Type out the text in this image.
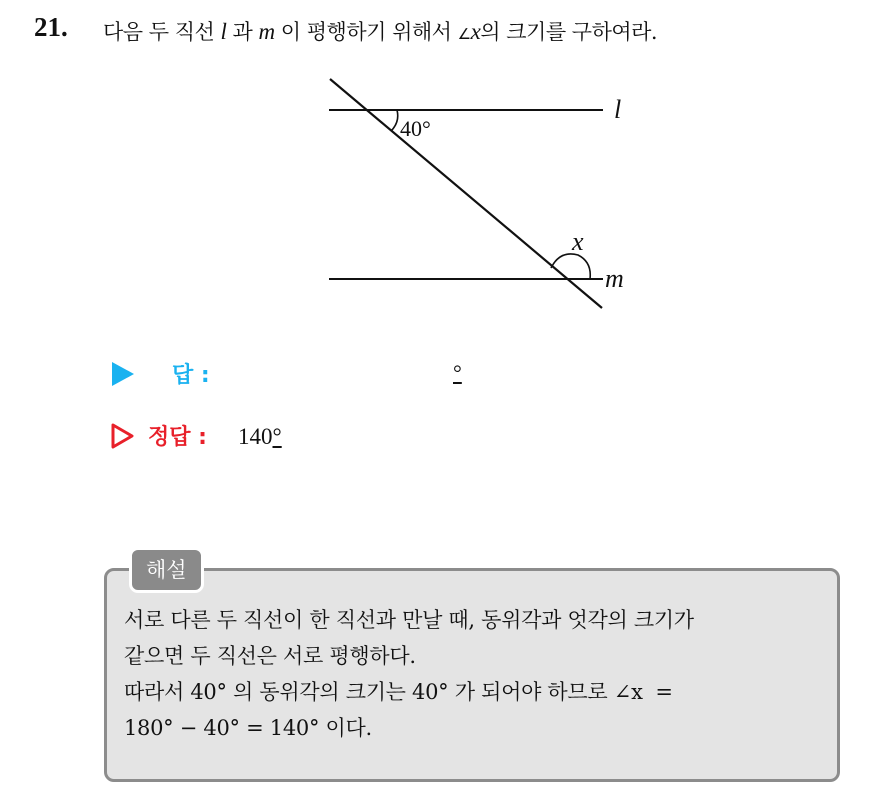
21. 다음 두 직선 l 과 m 이 평행하기 위해서 ∠x의 크기를 구하여라.
40°
l
m
x
답 :	°
정답 : 140°
해설
서로 다른 두 직선이 한 직선과 만날 때, 동위각과 엇각의 크기가
같으면 두 직선은 서로 평행하다.
따라서 40° 의 동위각의 크기는 40° 가 되어야 하므로 ∠x =
180° − 40° = 140° 이다.
